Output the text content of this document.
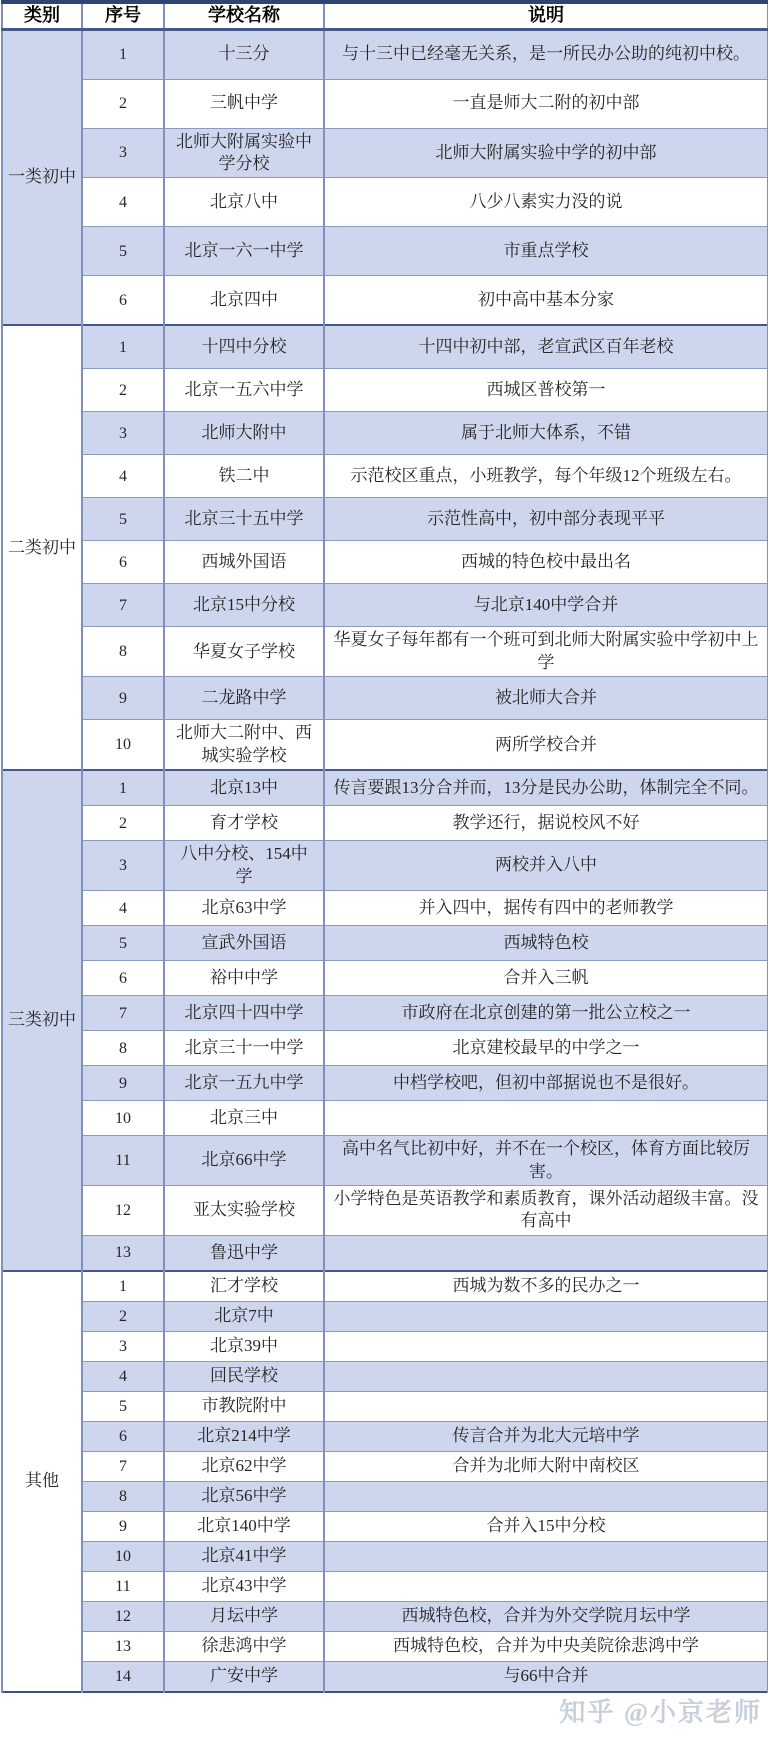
类别	序号	学校名称	说明
一类初中	1	十三分	与十三中已经毫无关系，是一所民办公助的纯初中校。
	2	三帆中学	一直是师大二附的初中部
	3	北师大附属实验中学分校	北师大附属实验中学的初中部
	4	北京八中	八少八素实力没的说
	5	北京一六一中学	市重点学校
	6	北京四中	初中高中基本分家
二类初中	1	十四中分校	十四中初中部，老宣武区百年老校
	2	北京一五六中学	西城区普校第一
	3	北师大附中	属于北师大体系，不错
	4	铁二中	示范校区重点，小班教学，每个年级12个班级左右。
	5	北京三十五中学	示范性高中，初中部分表现平平
	6	西城外国语	西城的特色校中最出名
	7	北京15中分校	与北京140中学合并
	8	华夏女子学校	华夏女子每年都有一个班可到北师大附属实验中学初中上学
	9	二龙路中学	被北师大合并
	10	北师大二附中、西城实验学校	两所学校合并
三类初中	1	北京13中	传言要跟13分合并而，13分是民办公助，体制完全不同。
	2	育才学校	教学还行，据说校风不好
	3	八中分校、154中学	两校并入八中
	4	北京63中学	并入四中，据传有四中的老师教学
	5	宣武外国语	西城特色校
	6	裕中中学	合并入三帆
	7	北京四十四中学	市政府在北京创建的第一批公立校之一
	8	北京三十一中学	北京建校最早的中学之一
	9	北京一五九中学	中档学校吧，但初中部据说也不是很好。
	10	北京三中	
	11	北京66中学	高中名气比初中好，并不在一个校区，体育方面比较厉害。
	12	亚太实验学校	小学特色是英语教学和素质教育，课外活动超级丰富。没有高中
	13	鲁迅中学	
其他	1	汇才学校	西城为数不多的民办之一
	2	北京7中	
	3	北京39中	
	4	回民学校	
	5	市教院附中	
	6	北京214中学	传言合并为北大元培中学
	7	北京62中学	合并为北师大附中南校区
	8	北京56中学	
	9	北京140中学	合并入15中分校
	10	北京41中学	
	11	北京43中学	
	12	月坛中学	西城特色校，合并为外交学院月坛中学
	13	徐悲鸿中学	西城特色校，合并为中央美院徐悲鸿中学
	14	广安中学	与66中合并
知乎 @小京老师
